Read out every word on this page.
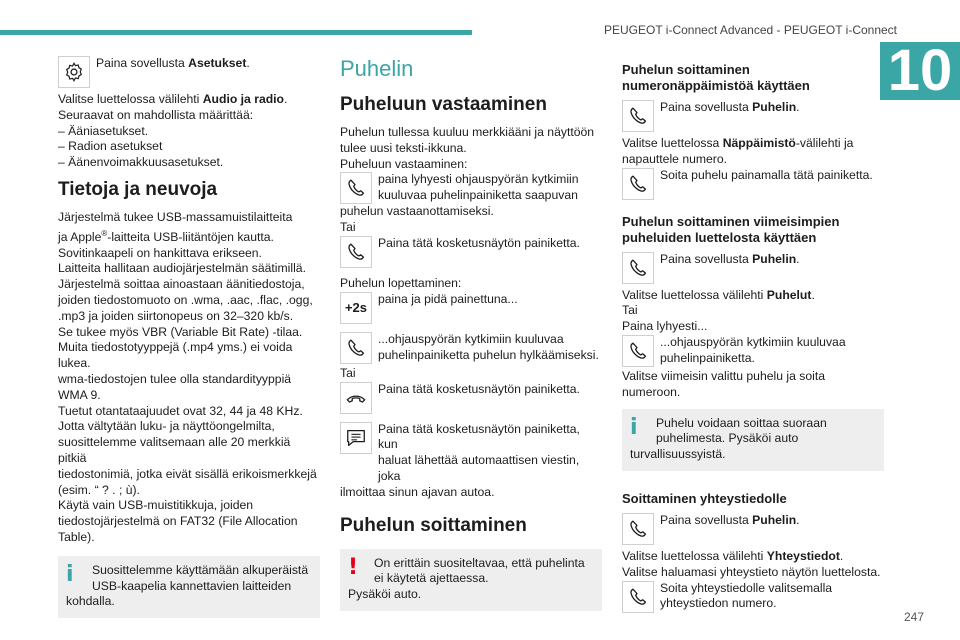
PEUGEOT i-Connect Advanced - PEUGEOT i-Connect
10
247
Paina sovellusta Asetukset.

Valitse luettelossa välilehti Audio ja radio.

Seuraavat on mahdollista määrittää:

– Ääniasetukset.

– Radion asetukset

– Äänenvoimakkuusasetukset.

Tietoja ja neuvoja

Järjestelmä tukee USB-massamuistilaitteita

ja Apple®-laitteita USB-liitäntöjen kautta.

Sovitinkaapeli on hankittava erikseen.

Laitteita hallitaan audiojärjestelmän säätimillä.

Järjestelmä soittaa ainoastaan äänitiedostoja,

joiden tiedostomuoto on .wma, .aac, .flac, .ogg,

.mp3 ja joiden siirtonopeus on 32–320 kb/s.

Se tukee myös VBR (Variable Bit Rate) -tilaa.

Muita tiedostotyyppejä (.mp4 yms.) ei voida

lukea.

wma-tiedostojen tulee olla standardityyppiä

WMA 9.

Tuetut otantataajuudet ovat 32, 44 ja 48 KHz.

Jotta vältytään luku- ja näyttöongelmilta,

suosittelemme valitsemaan alle 20 merkkiä pitkiä

tiedostonimiä, jotka eivät sisällä erikoismerkkejä

(esim. “ ? . ; ù).

Käytä vain USB-muistitikkuja, joiden

tiedostojärjestelmä on FAT32 (File Allocation

Table).

i	Suosittelemme käyttämään alkuperäistä

USB-kaapelia kannettavien laitteiden

kohdalla.

Puhelin
Puheluun vastaaminen

Puhelun tullessa kuuluu merkkiääni ja näyttöön tulee uusi teksti-ikkuna.

Puheluun vastaaminen:

paina lyhyesti ohjauspyörän kytkimiin

kuuluvaa puhelinpainiketta saapuvan

puhelun vastaanottamiseksi.

Tai

Paina tätä kosketusnäytön painiketta.

Puhelun lopettaminen:

+2s

paina ja pidä painettuna...

...ohjauspyörän kytkimiin kuuluvaa

puhelinpainiketta puhelun hylkäämiseksi.

Tai

Paina tätä kosketusnäytön painiketta.

Paina tätä kosketusnäytön painiketta, kun

haluat lähettää automaattisen viestin, joka

ilmoittaa sinun ajavan autoa.

Puhelun soittaminen
!	On erittäin suositeltavaa, että puhelinta

ei käytetä ajettaessa.

Pysäköi auto.

Puhelun soittaminen numeronäppäimistöä käyttäen
Paina sovellusta Puhelin.

Valitse luettelossa Näppäimistö-välilehti ja napauttele numero.

Soita puhelu painamalla tätä painiketta.

Puhelun soittaminen viimeisimpien puheluiden luettelosta käyttäen
Paina sovellusta Puhelin.

Valitse luettelossa välilehti Puhelut.

Tai

Paina lyhyesti...

...ohjauspyörän kytkimiin kuuluvaa

puhelinpainiketta.

Valitse viimeisin valittu puhelu ja soita numeroon.

i	Puhelu voidaan soittaa suoraan

puhelimesta. Pysäköi auto

turvallisuussyistä.

Soittaminen yhteystiedolle
Paina sovellusta Puhelin.

Valitse luettelossa välilehti Yhteystiedot.

Valitse haluamasi yhteystieto näytön luettelosta.

Soita yhteystiedolle valitsemalla

yhteystiedon numero.
